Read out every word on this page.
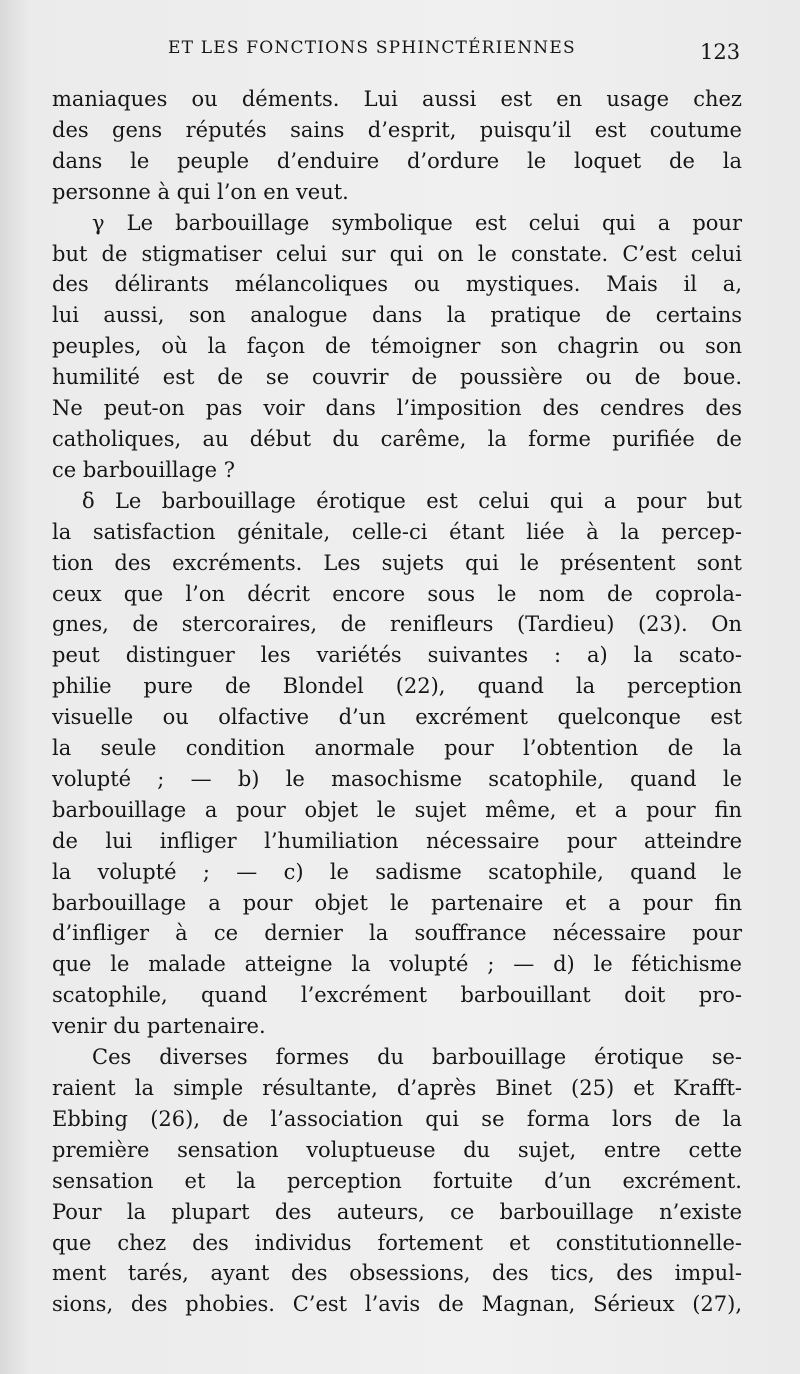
ET LES FONCTIONS SPHINCTÉRIENNES	123
maniaques ou déments. Lui aussi est en usage chez
des gens réputés sains d’esprit, puisqu’il est coutume
dans le peuple d’enduire d’ordure le loquet de la
personne à qui l’on en veut.
γ Le barbouillage symbolique est celui qui a pour
but de stigmatiser celui sur qui on le constate. C’est celui
des délirants mélancoliques ou mystiques. Mais il a,
lui aussi, son analogue dans la pratique de certains
peuples, où la façon de témoigner son chagrin ou son
humilité est de se couvrir de poussière ou de boue.
Ne peut-on pas voir dans l’imposition des cendres des
catholiques, au début du carême, la forme purifiée de
ce barbouillage ?
δ Le barbouillage érotique est celui qui a pour but
la satisfaction génitale, celle-ci étant liée à la percep-
tion des excréments. Les sujets qui le présentent sont
ceux que l’on décrit encore sous le nom de coprola-
gnes, de stercoraires, de renifleurs (Tardieu) (23). On
peut distinguer les variétés suivantes : a) la scato-
philie pure de Blondel (22), quand la perception
visuelle ou olfactive d’un excrément quelconque est
la seule condition anormale pour l’obtention de la
volupté ; — b) le masochisme scatophile, quand le
barbouillage a pour objet le sujet même, et a pour fin
de lui infliger l’humiliation nécessaire pour atteindre
la volupté ; — c) le sadisme scatophile, quand le
barbouillage a pour objet le partenaire et a pour fin
d’infliger à ce dernier la souffrance nécessaire pour
que le malade atteigne la volupté ; — d) le fétichisme
scatophile, quand l’excrément barbouillant doit pro-
venir du partenaire.
Ces diverses formes du barbouillage érotique se-
raient la simple résultante, d’après Binet (25) et Krafft-
Ebbing (26), de l’association qui se forma lors de la
première sensation voluptueuse du sujet, entre cette
sensation et la perception fortuite d’un excrément.
Pour la plupart des auteurs, ce barbouillage n’existe
que chez des individus fortement et constitutionnelle-
ment tarés, ayant des obsessions, des tics, des impul-
sions, des phobies. C’est l’avis de Magnan, Sérieux (27),
